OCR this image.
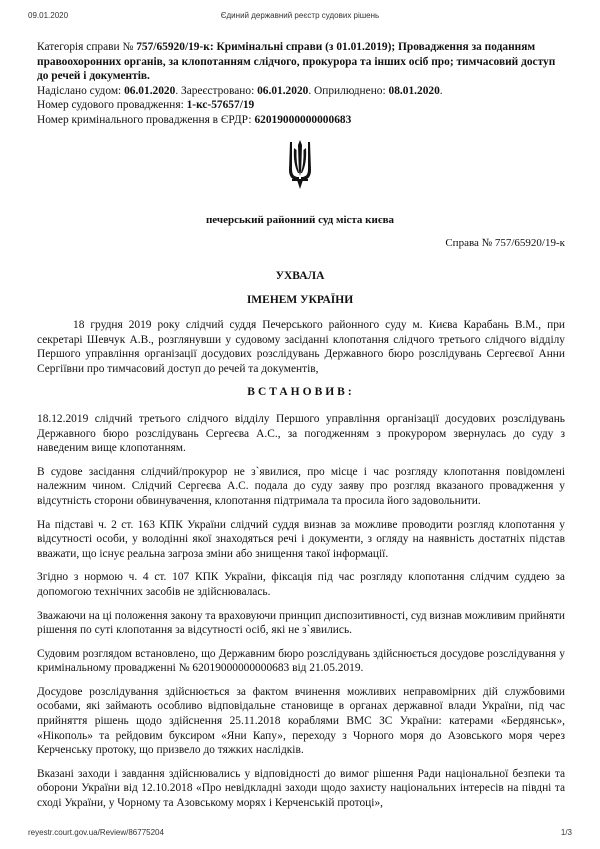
09.01.2020	Єдиний державний реєстр судових рішень
Категорія справи № 757/65920/19-к: Кримінальні справи (з 01.01.2019); Провадження за поданням правоохоронних органів, за клопотанням слідчого, прокурора та інших осіб про; тимчасовий доступ до речей і документів.
Надіслано судом: 06.01.2020. Зареєстровано: 06.01.2020. Оприлюднено: 08.01.2020.
Номер судового провадження: 1-кс-57657/19
Номер кримінального провадження в ЄРДР: 62019000000000683
печерський районний суд міста києва
Справа № 757/65920/19-к
УХВАЛА
ІМЕНЕМ УКРАЇНИ

18 грудня 2019 року слідчий суддя Печерського районного суду м. Києва Карабань В.М., при секретарі Шевчук А.В., розглянувши у судовому засіданні клопотання слідчого третього слідчого відділу Першого управління організації досудових розслідувань Державного бюро розслідувань Сергеєвої Анни Сергіївни про тимчасовий доступ до речей та документів,

ВСТАНОВИВ:

18.12.2019 слідчий третього слідчого відділу Першого управління організації досудових розслідувань Державного бюро розслідувань Сергеєва А.С., за погодженням з прокурором звернулась до суду з наведеним вище клопотанням.

В судове засідання слідчий/прокурор не з`явилися, про місце і час розгляду клопотання повідомлені належним чином. Слідчий Сергеєва А.С. подала до суду заяву про розгляд вказаного провадження у відсутність сторони обвинувачення, клопотання підтримала та просила його задовольнити.

На підставі ч. 2 ст. 163 КПК України слідчий суддя визнав за можливе проводити розгляд клопотання у відсутності особи, у володінні якої знаходяться речі і документи, з огляду на наявність достатніх підстав вважати, що існує реальна загроза зміни або знищення такої інформації.

Згідно з нормою ч. 4 ст. 107 КПК України, фіксація під час розгляду клопотання слідчим суддею за допомогою технічних засобів не здійснювалась.

Зважаючи на ці положення закону та враховуючи принцип диспозитивності, суд визнав можливим прийняти рішення по суті клопотання за відсутності осіб, які не з`явились.

Судовим розглядом встановлено, що Державним бюро розслідувань здійснюється досудове розслідування у кримінальному провадженні № 62019000000000683 від 21.05.2019.

Досудове розслідування здійснюється за фактом вчинення можливих неправомірних дій службовими особами, які займають особливо відповідальне становище в органах державної влади України, під час прийняття рішень щодо здійснення 25.11.2018 кораблями ВМС ЗС України: катерами «Бердянськ», «Нікополь» та рейдовим буксиром «Яни Капу», переходу з Чорного моря до Азовського моря через Керченську протоку, що призвело до тяжких наслідків.

Вказані заходи і завдання здійснювались у відповідності до вимог рішення Ради національної безпеки та оборони України від 12.10.2018 «Про невідкладні заходи щодо захисту національних інтересів на півдні та сході України, у Чорному та Азовському морях і Керченській протоці»,

reyestr.court.gov.ua/Review/86775204	1/3
